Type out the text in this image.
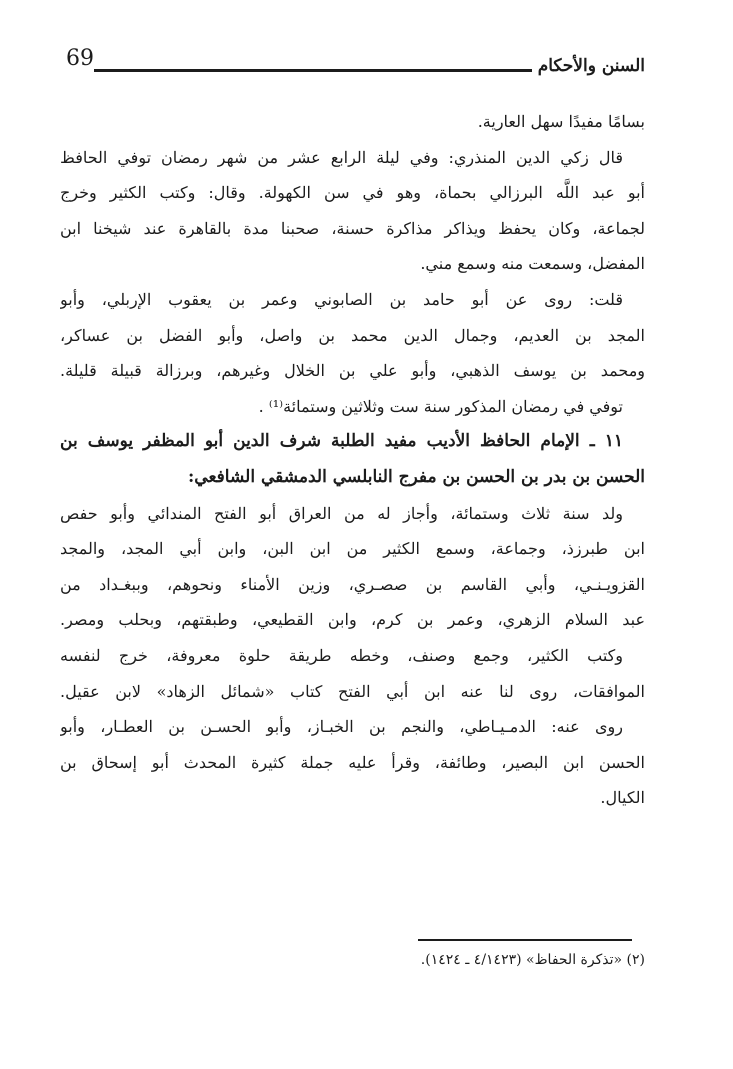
69	السنن والأحكام
بسامًا مفيدًا سهل العارية.
قال زكي الدين المنذري: وفي ليلة الرابع عشر من شهر رمضان توفي الحافظ
أبو عبد اللَّه البرزالي بحماة، وهو في سن الكهولة. وقال: وكتب الكثير وخرج
لجماعة، وكان يحفظ ويذاكر مذاكرة حسنة، صحبنا مدة بالقاهرة عند شيخنا ابن
المفضل، وسمعت منه وسمع مني.
قلت: روى عن أبو حامد بن الصابوني وعمر بن يعقوب الإربلي، وأبو
المجد بن العديم، وجمال الدين محمد بن واصل، وأبو الفضل بن عساكر،
ومحمد بن يوسف الذهبي، وأبو علي بن الخلال وغيرهم، وبرزالة قبيلة قليلة.
توفي في رمضان المذكور سنة ست وثلاثين وستمائة⁽¹⁾ .
١١ ـ الإمام الحافظ الأديب مفيد الطلبة شرف الدين أبو المظفر يوسف بن
الحسن بن بدر بن الحسن بن مفرج النابلسي الدمشقي الشافعي:
ولد سنة ثلاث وستمائة، وأجاز له من العراق أبو الفتح المندائي وأبو حفص
ابن طبرزذ، وجماعة، وسمع الكثير من ابن البن، وابن أبي المجد، والمجد
القزويـنـي، وأبي القاسم بن صصـري، وزين الأمناء ونحوهم، وببغـداد من
عبد السلام الزهري، وعمر بن كرم، وابن القطيعي، وطبقتهم، وبحلب ومصر.
وكتب الكثير، وجمع وصنف، وخطه طريقة حلوة معروفة، خرج لنفسه
الموافقات، روى لنا عنه ابن أبي الفتح كتاب «شمائل الزهاد» لابن عقيل.
روى عنه: الدمـيـاطي، والنجم بن الخبـاز، وأبو الحسـن بن العطـار، وأبو
الحسن ابن البصير، وطائفة، وقرأ عليه جملة كثيرة المحدث أبو إسحاق بن
الكيال.
(٢) «تذكرة الحفاظ» (٤/١٤٢٣ ـ ١٤٢٤).
